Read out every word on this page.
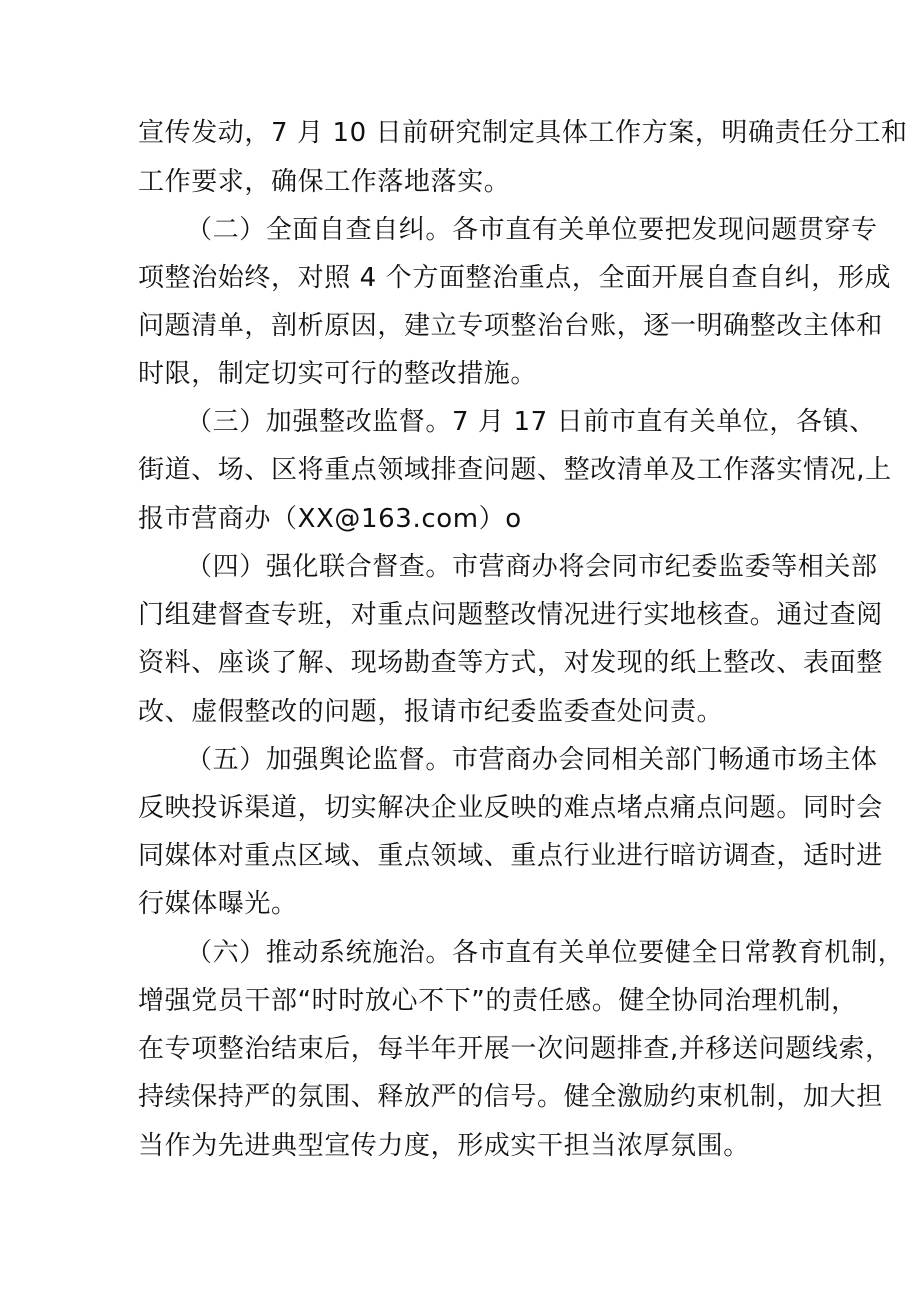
宣传发动，7 月 10 日前研究制定具体工作方案，明确责任分工和
工作要求，确保工作落地落实。
（二）全面自查自纠。各市直有关单位要把发现问题贯穿专
项整治始终，对照 4 个方面整治重点，全面开展自查自纠，形成
问题清单，剖析原因，建立专项整治台账，逐一明确整改主体和
时限，制定切实可行的整改措施。
（三）加强整改监督。7 月 17 日前市直有关单位，各镇、
街道、场、区将重点领域排查问题、整改清单及工作落实情况,上
报市营商办（XX@163.com）o
（四）强化联合督查。市营商办将会同市纪委监委等相关部
门组建督查专班，对重点问题整改情况进行实地核查。通过查阅
资料、座谈了解、现场勘查等方式，对发现的纸上整改、表面整
改、虚假整改的问题，报请市纪委监委查处问责。
（五）加强舆论监督。市营商办会同相关部门畅通市场主体
反映投诉渠道，切实解决企业反映的难点堵点痛点问题。同时会
同媒体对重点区域、重点领域、重点行业进行暗访调查，适时进
行媒体曝光。
（六）推动系统施治。各市直有关单位要健全日常教育机制，
增强党员干部“时时放心不下”的责任感。健全协同治理机制，
在专项整治结束后，每半年开展一次问题排查,并移送问题线索，
持续保持严的氛围、释放严的信号。健全激励约束机制，加大担
当作为先进典型宣传力度，形成实干担当浓厚氛围。
